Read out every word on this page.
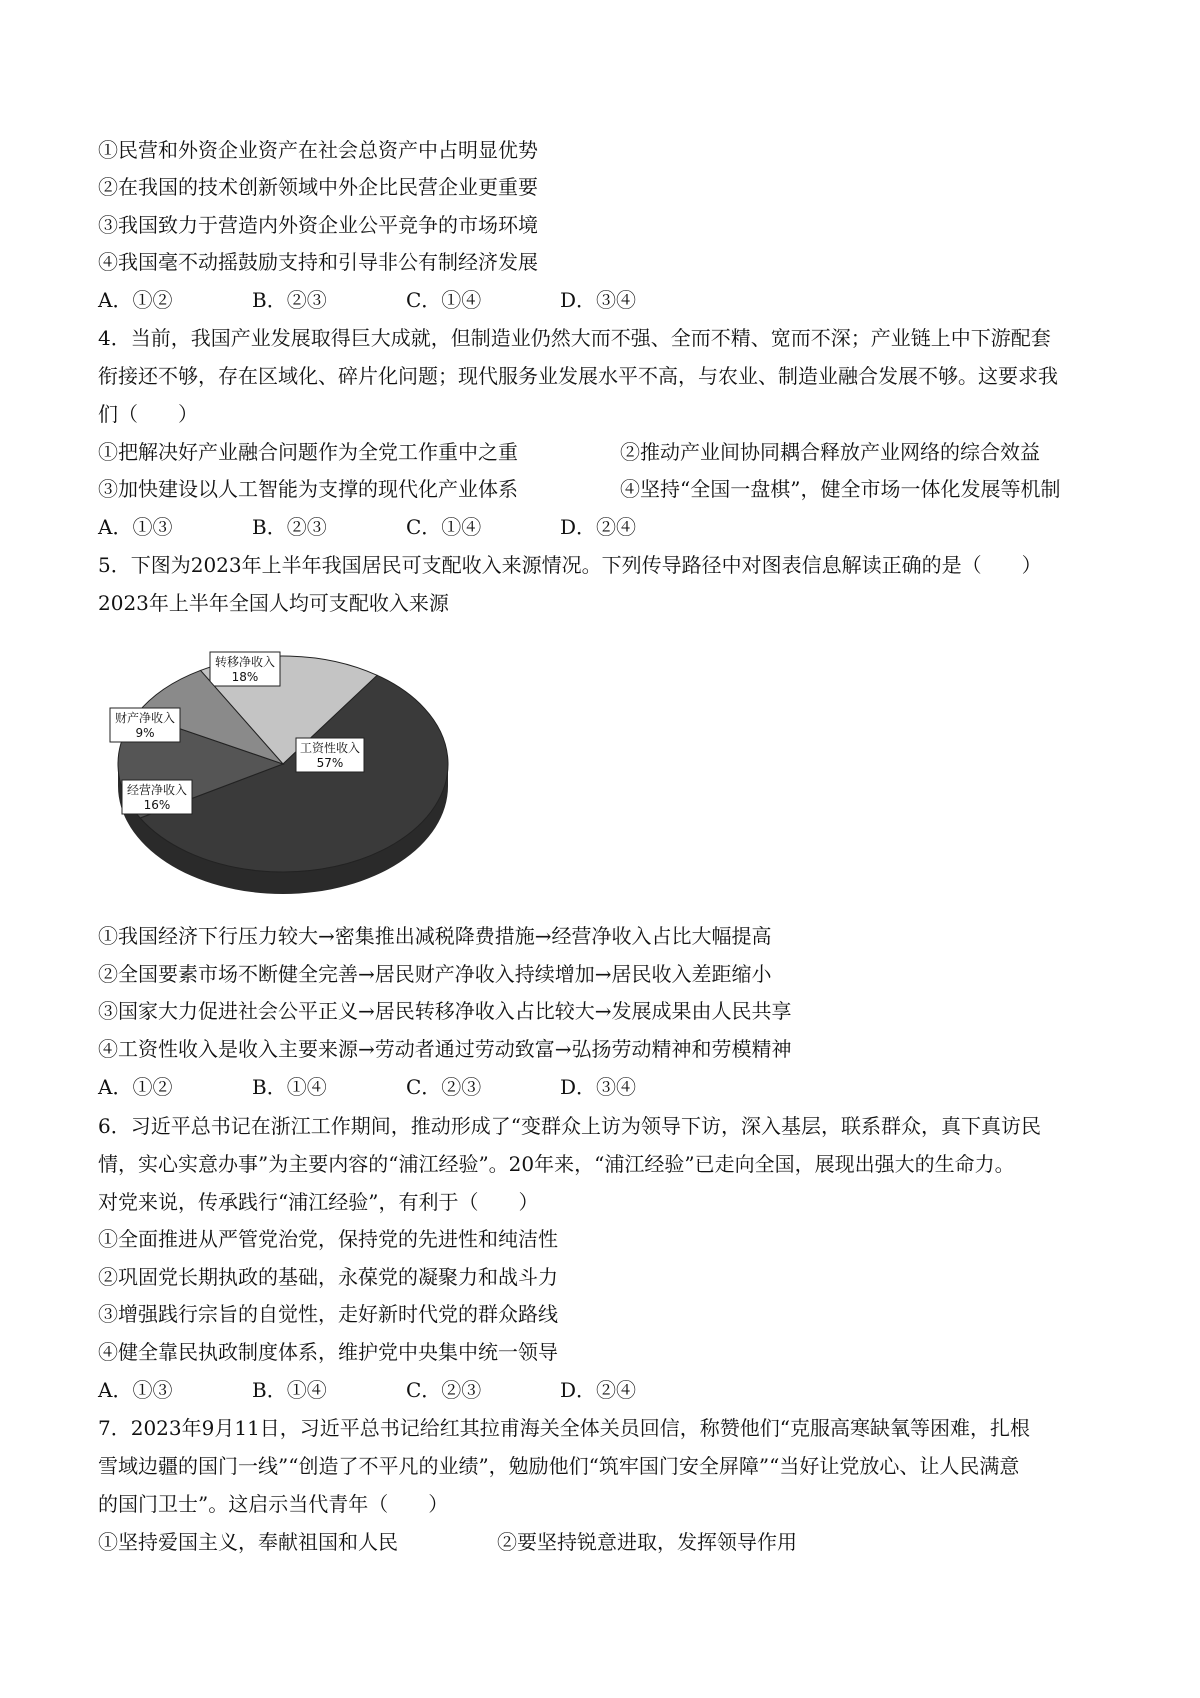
①民营和外资企业资产在社会总资产中占明显优势
②在我国的技术创新领域中外企比民营企业更重要
③我国致力于营造内外资企业公平竞争的市场环境
④我国毫不动摇鼓励支持和引导非公有制经济发展
A．①②	B．②③	C．①④	D．③④
4．当前，我国产业发展取得巨大成就，但制造业仍然大而不强、全而不精、宽而不深；产业链上中下游配套
衔接还不够，存在区域化、碎片化问题；现代服务业发展水平不高，与农业、制造业融合发展不够。这要求我
们（　　）
①把解决好产业融合问题作为全党工作重中之重	②推动产业间协同耦合释放产业网络的综合效益
③加快建设以人工智能为支撑的现代化产业体系	④坚持“全国一盘棋”，健全市场一体化发展等机制
A．①③	B．②③	C．①④	D．②④
5．下图为2023年上半年我国居民可支配收入来源情况。下列传导路径中对图表信息解读正确的是（　　）
2023年上半年全国人均可支配收入来源
转移净收入
18%
工资性收入
57%
经营净收入
16%
财产净收入
9%
①我国经济下行压力较大→密集推出减税降费措施→经营净收入占比大幅提高
②全国要素市场不断健全完善→居民财产净收入持续增加→居民收入差距缩小
③国家大力促进社会公平正义→居民转移净收入占比较大→发展成果由人民共享
④工资性收入是收入主要来源→劳动者通过劳动致富→弘扬劳动精神和劳模精神
A．①②	B．①④	C．②③	D．③④
6．习近平总书记在浙江工作期间，推动形成了“变群众上访为领导下访，深入基层，联系群众，真下真访民
情，实心实意办事”为主要内容的“浦江经验”。20年来，“浦江经验”已走向全国，展现出强大的生命力。
对党来说，传承践行“浦江经验”，有利于（　　）
①全面推进从严管党治党，保持党的先进性和纯洁性
②巩固党长期执政的基础，永葆党的凝聚力和战斗力
③增强践行宗旨的自觉性，走好新时代党的群众路线
④健全靠民执政制度体系，维护党中央集中统一领导
A．①③	B．①④	C．②③	D．②④
7．2023年9月11日，习近平总书记给红其拉甫海关全体关员回信，称赞他们“克服高寒缺氧等困难，扎根
雪域边疆的国门一线”“创造了不平凡的业绩”，勉励他们“筑牢国门安全屏障”“当好让党放心、让人民满意
的国门卫士”。这启示当代青年（　　）
①坚持爱国主义，奉献祖国和人民	②要坚持锐意进取，发挥领导作用
